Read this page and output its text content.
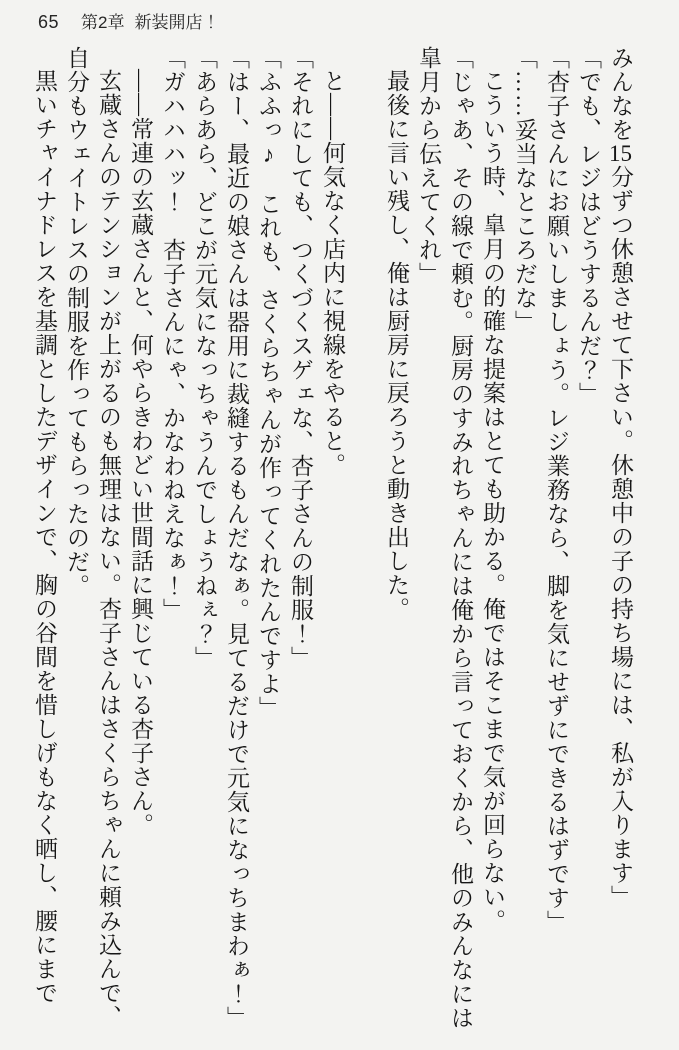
65 第2章 新装開店！

みんなを15分ずつ休憩させて下さい。休憩中の子の持ち場には、私が入ります」

「でも、レジはどうするんだ？」

「杏子さんにお願いしましょう。レジ業務なら、脚を気にせずにできるはずです」

「……妥当なところだな」

こういう時、皐月の的確な提案はとても助かる。俺ではそこまで気が回らない。

「じゃあ、その線で頼む。厨房のすみれちゃんには俺から言っておくから、他のみんなには皐月から伝えてくれ」

最後に言い残し、俺は厨房に戻ろうと動き出した。

と――何気なく店内に視線をやると。

「それにしても、つくづくスゲェな、杏子さんの制服！」

「ふふっ♪　これも、さくらちゃんが作ってくれたんですよ」

「はー、最近の娘さんは器用に裁縫するもんだなぁ。見てるだけで元気になっちまわぁ！」

「あらあら、どこが元気になっちゃうんでしょうねぇ？」

「ガハハハッ！　杏子さんにゃ、かなわねえなぁ！」

――常連の玄蔵さんと、何やらきわどい世間話に興じている杏子さん。

玄蔵さんのテンションが上がるのも無理はない。杏子さんはさくらちゃんに頼み込んで、自分もウェイトレスの制服を作ってもらったのだ。

黒いチャイナドレスを基調としたデザインで、胸の谷間を惜しげもなく晒し、腰にまで
